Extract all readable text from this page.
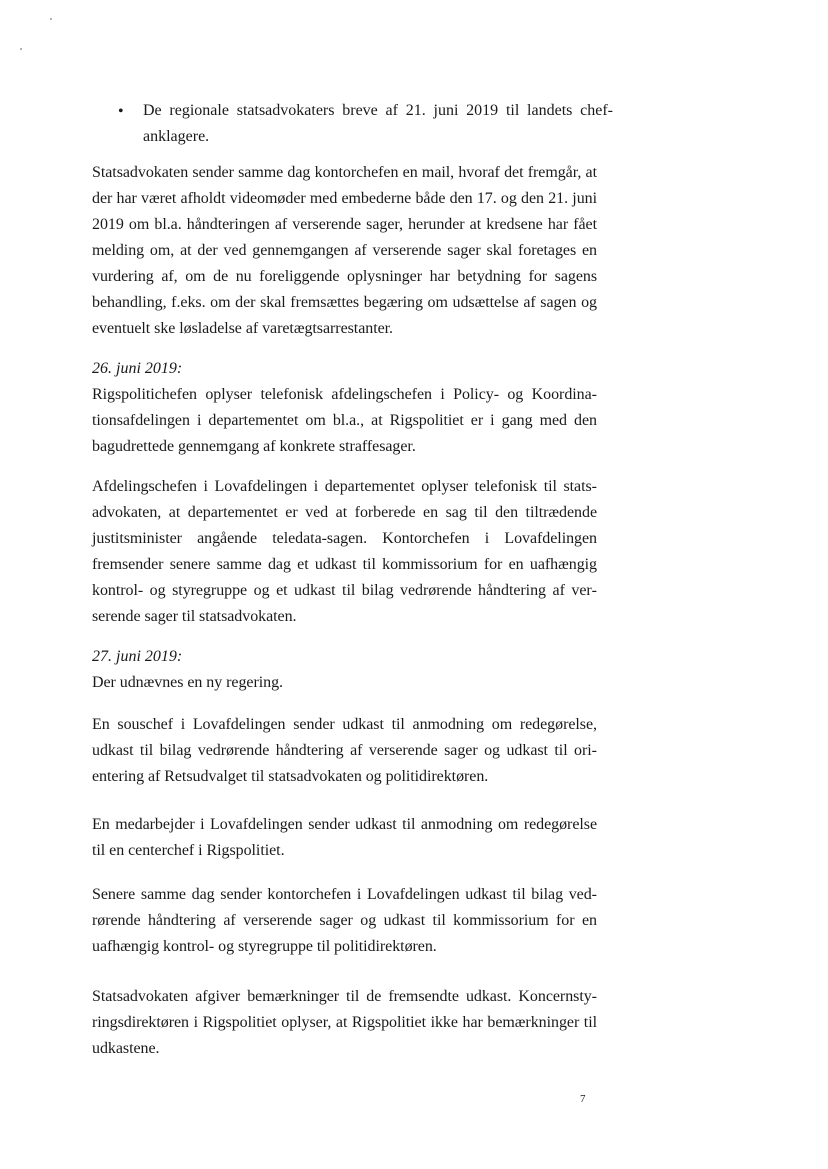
• De regionale statsadvokaters breve af 21. juni 2019 til landets chefanklagere.

Statsadvokaten sender samme dag kontorchefen en mail, hvoraf det fremgår, at der har været afholdt videomøder med embederne både den 17. og den 21. juni 2019 om bl.a. håndteringen af verserende sager, herunder at kredsene har fået melding om, at der ved gennemgangen af verserende sager skal foretages en vurdering af, om de nu foreliggende oplysninger har betydning for sagens behandling, f.eks. om der skal fremsættes begæring om udsættelse af sagen og eventuelt ske løsladelse af varetægtsarrestanter.

26. juni 2019:

Rigspolitichefen oplyser telefonisk afdelingschefen i Policy- og Koordinationsafdelingen i departementet om bl.a., at Rigspolitiet er i gang med den bagudrettede gennemgang af konkrete straffesager.

Afdelingschefen i Lovafdelingen i departementet oplyser telefonisk til statsadvokaten, at departementet er ved at forberede en sag til den tiltrædende justitsminister angående teledata-sagen. Kontorchefen i Lovafdelingen fremsender senere samme dag et udkast til kommissorium for en uafhængig kontrol- og styregruppe og et udkast til bilag vedrørende håndtering af verserende sager til statsadvokaten.

27. juni 2019:

Der udnævnes en ny regering.

En souschef i Lovafdelingen sender udkast til anmodning om redegørelse, udkast til bilag vedrørende håndtering af verserende sager og udkast til orientering af Retsudvalget til statsadvokaten og politidirektøren.

En medarbejder i Lovafdelingen sender udkast til anmodning om redegørelse til en centerchef i Rigspolitiet.

Senere samme dag sender kontorchefen i Lovafdelingen udkast til bilag vedrørende håndtering af verserende sager og udkast til kommissorium for en uafhængig kontrol- og styregruppe til politidirektøren.

Statsadvokaten afgiver bemærkninger til de fremsendte udkast. Koncernstyringsdirektøren i Rigspolitiet oplyser, at Rigspolitiet ikke har bemærkninger til udkastene.

7
